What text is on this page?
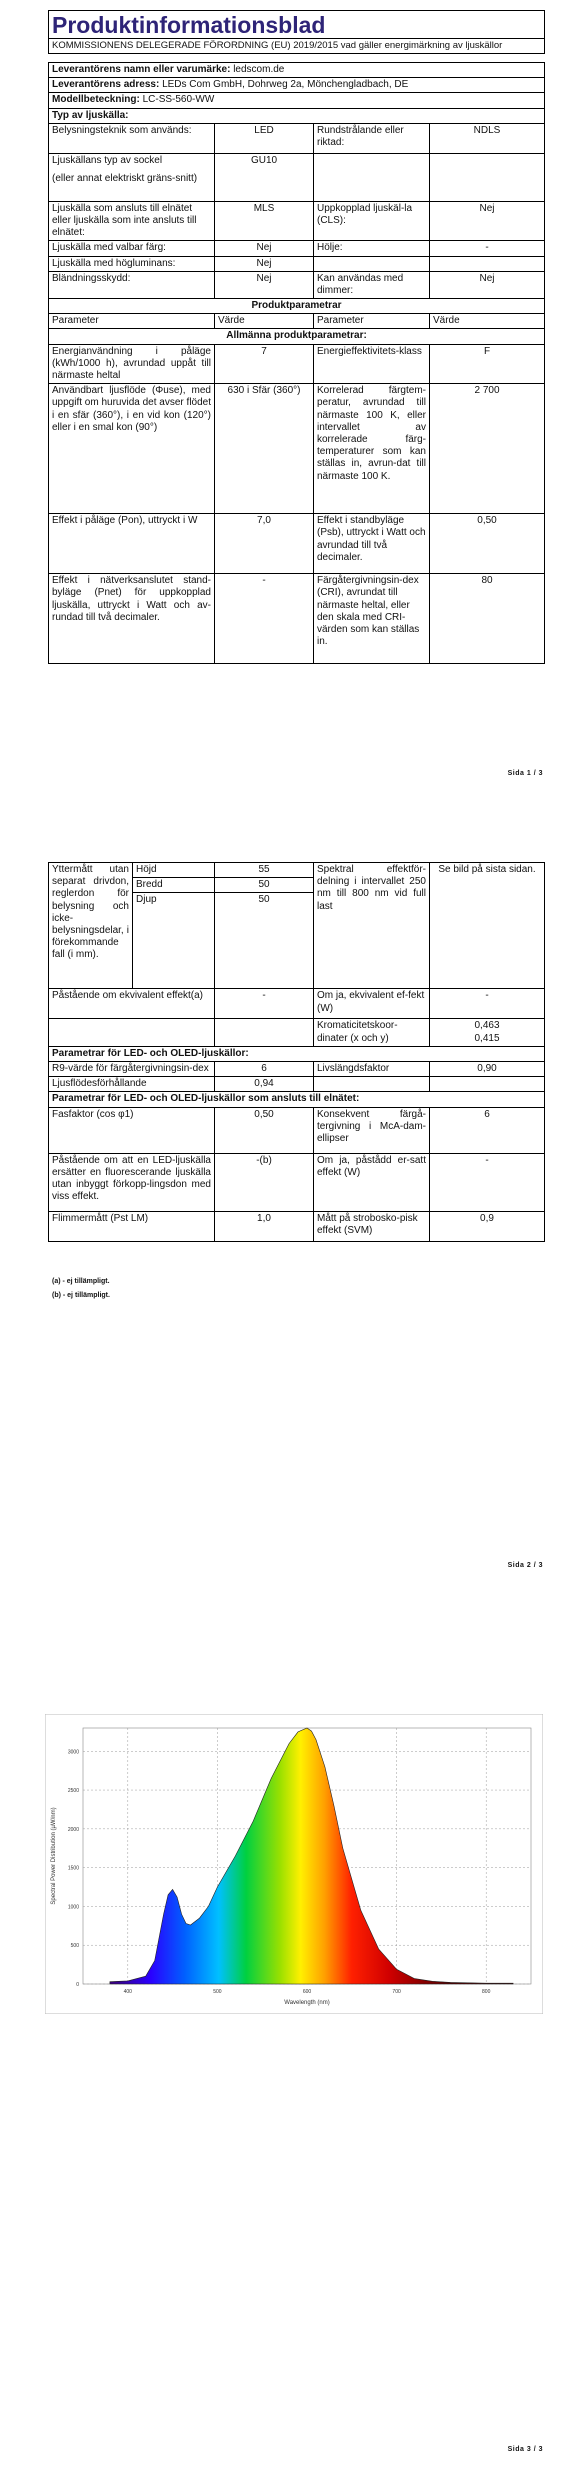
Produktinformationsblad
KOMMISSIONENS DELEGERADE FÖRORDNING (EU) 2019/2015 vad gäller energimärkning av ljuskällor
Leverantörens namn eller varumärke: ledscom.de			
Leverantörens adress: LEDs Com GmbH, Dohrweg 2a, Mönchengladbach, DE			
Modellbeteckning: LC-SS-560-WW			
Typ av ljuskälla:			
Belysningsteknik som används:	LED	Rundstrålande eller riktad:	NDLS

Ljuskällans typ av sockel
(eller annat elektriskt gräns-snitt)	GU10		
Ljuskälla som ansluts till elnätet eller ljuskälla som inte ansluts till elnätet:	MLS	Uppkopplad ljuskäl-la (CLS):	Nej
Ljuskälla med valbar färg:	Nej	Hölje:	-
Ljuskälla med högluminans:	Nej		
Bländningsskydd:	Nej	Kan användas med dimmer:	Nej
Produktparametrar			
Parameter	Värde	Parameter	Värde
Allmänna produktparametrar:			
Energianvändning i påläge (kWh/1000 h), avrundad uppåt till närmaste heltal	7	Energieffektivitets-klass	F
Användbart ljusflöde (Φuse), med uppgift om huruvida det avser flödet i en sfär (360°), i en vid kon (120°) eller i en smal kon (90°)	630 i Sfär (360°)	Korrelerad färgtem-peratur, avrundad till närmaste 100 K, eller intervallet av korrelerade färg-temperaturer som kan ställas in, avrun-dat till närmaste 100 K.	2 700
Effekt i påläge (Pon), uttryckt i W	7,0	Effekt i standbyläge (Psb), uttryckt i Watt och avrundad till två decimaler.	0,50
Effekt i nätverksanslutet stand-byläge (Pnet) för uppkopplad ljuskälla, uttryckt i Watt och av-rundad till två decimaler.	-	Färgåtergivningsin-dex (CRI), avrundat till närmaste heltal, eller den skala med CRI-värden som kan ställas in.	80
Sida 1 / 3
Yttermått utan separat drivdon, reglerdon för belysning och icke-belysningsdelar, i förekommande fall (i mm).	Höjd	55	Spektral effektför-delning i intervallet 250 nm till 800 nm vid full last	Se bild på sista sidan.
	Bredd	50		
	Djup	50		
Påstående om ekvivalent effekt(a)		-	Om ja, ekvivalent ef-fekt (W)	-
			Kromaticitetskoor-dinater (x och y)	0,463
0,415

Parametrar för LED- och OLED-ljuskällor:				
R9-värde för färgåtergivningsin-dex		6	Livslängdsfaktor	0,90
Ljusflödesförhållande		0,94		
Parametrar för LED- och OLED-ljuskällor som ansluts till elnätet:				
Fasfaktor (cos φ1)		0,50	Konsekvent färgå-tergivning i McA-dam-ellipser	6
Påstående om att en LED-ljuskälla ersätter en fluorescerande ljuskälla utan inbyggt förkopp-lingsdon med viss effekt.		-(b)	Om ja, påstådd er-satt effekt (W)	-
Flimmermått (Pst LM)		1,0	Mått på strobosko-pisk effekt (SVM)	0,9
(a) - ej tillämpligt.
(b) - ej tillämpligt.
Sida 2 / 3
400	500	600	700	800
0
500
1000
1500
2000
2500
3000
Spectral Power Distribution (µW/nm)
Wavelength (nm)
Sida 3 / 3
